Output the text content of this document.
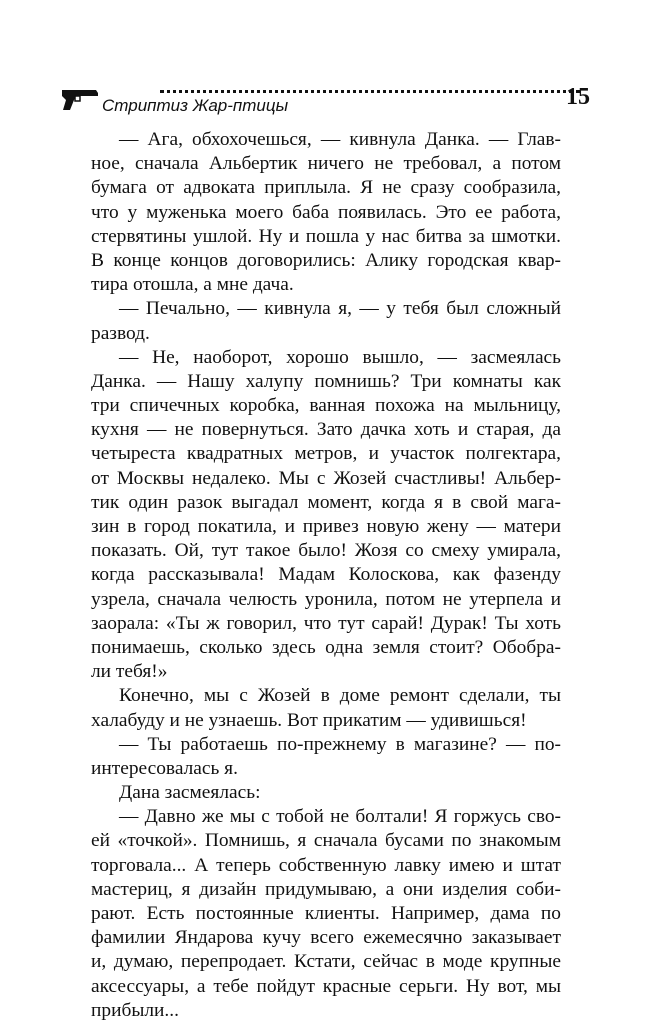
Стриптиз Жар-птицы	15
— Ага, обхохочешься, — кивнула Данка. — Глав-
ное, сначала Альбертик ничего не требовал, а потом
бумага от адвоката приплыла. Я не сразу сообразила,
что у муженька моего баба появилась. Это ее работа,
стервятины ушлой. Ну и пошла у нас битва за шмотки.
В конце концов договорились: Алику городская квар-
тира отошла, а мне дача.
— Печально, — кивнула я, — у тебя был сложный
развод.
— Не, наоборот, хорошо вышло, — засмеялась
Данка. — Нашу халупу помнишь? Три комнаты как
три спичечных коробка, ванная похожа на мыльницу,
кухня — не повернуться. Зато дачка хоть и старая, да
четыреста квадратных метров, и участок полгектара,
от Москвы недалеко. Мы с Жозей счастливы! Альбер-
тик один разок выгадал момент, когда я в свой мага-
зин в город покатила, и привез новую жену — матери
показать. Ой, тут такое было! Жозя со смеху умирала,
когда рассказывала! Мадам Колоскова, как фазенду
узрела, сначала челюсть уронила, потом не утерпела и
заорала: «Ты ж говорил, что тут сарай! Дурак! Ты хоть
понимаешь, сколько здесь одна земля стоит? Обобра-
ли тебя!»
Конечно, мы с Жозей в доме ремонт сделали, ты
халабуду и не узнаешь. Вот прикатим — удивишься!
— Ты работаешь по-прежнему в магазине? — по-
интересовалась я.
Дана засмеялась:
— Давно же мы с тобой не болтали! Я горжусь сво-
ей «точкой». Помнишь, я сначала бусами по знакомым
торговала... А теперь собственную лавку имею и штат
мастериц, я дизайн придумываю, а они изделия соби-
рают. Есть постоянные клиенты. Например, дама по
фамилии Яндарова кучу всего ежемесячно заказывает
и, думаю, перепродает. Кстати, сейчас в моде крупные
аксессуары, а тебе пойдут красные серьги. Ну вот, мы
прибыли...
